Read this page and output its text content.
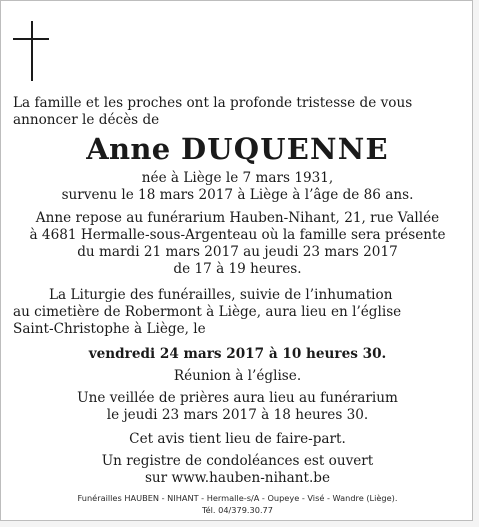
La famille et les proches ont la profonde tristesse de vous annoncer le décès de
Anne DUQUENNE
née à Liège le 7 mars 1931,
survenu le 18 mars 2017 à Liège à l’âge de 86 ans.
Anne repose au funérarium Hauben-Nihant, 21, rue Vallée
à 4681 Hermalle-sous-Argenteau où la famille sera présente
du mardi 21 mars 2017 au jeudi 23 mars 2017
de 17 à 19 heures.
La Liturgie des funérailles, suivie de l’inhumation
au cimetière de Robermont à Liège, aura lieu en l’église
Saint-Christophe à Liège, le
vendredi 24 mars 2017 à 10 heures 30.
Réunion à l’église.
Une veillée de prières aura lieu au funérarium
le jeudi 23 mars 2017 à 18 heures 30.
Cet avis tient lieu de faire-part.
Un registre de condoléances est ouvert
sur www.hauben-nihant.be
Funérailles HAUBEN - NIHANT - Hermalle-s/A - Oupeye - Visé - Wandre (Liège).
Tél. 04/379.30.77
